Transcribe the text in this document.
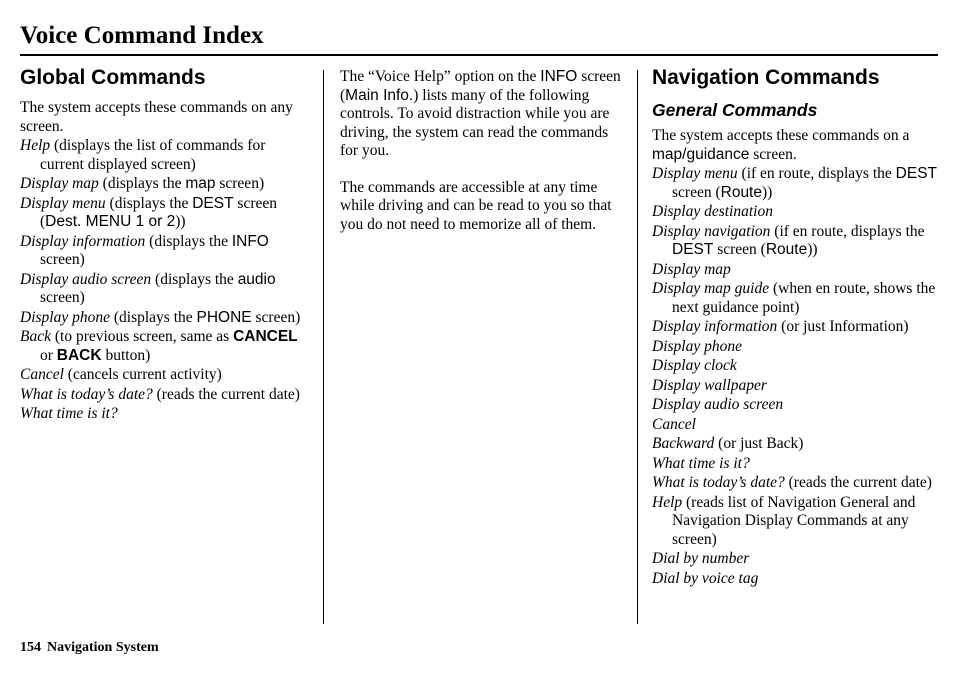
Voice Command Index
Global Commands

The system accepts these commands on any screen.

Help (displays the list of commands for current displayed screen)
Display map (displays the map screen)
Display menu (displays the DEST screen (Dest. MENU 1 or 2))
Display information (displays the INFO screen)
Display audio screen (displays the audio screen)
Display phone (displays the PHONE screen)
Back (to previous screen, same as CANCEL or BACK button)
Cancel (cancels current activity)
What is today’s date? (reads the current date)
What time is it?

The “Voice Help” option on the INFO screen (Main Info.) lists many of the following controls. To avoid distraction while you are driving, the system can read the commands for you.

The commands are accessible at any time while driving and can be read to you so that you do not need to memorize all of them.

Navigation Commands
General Commands

The system accepts these commands on a map/guidance screen.

Display menu (if en route, displays the DEST screen (Route))
Display destination
Display navigation (if en route, displays the DEST screen (Route))
Display map
Display map guide (when en route, shows the next guidance point)
Display information (or just Information)
Display phone
Display clock
Display wallpaper
Display audio screen
Cancel
Backward (or just Back)
What time is it?
What is today’s date? (reads the current date)
Help (reads list of Navigation General and Navigation Display Commands at any screen)
Dial by number
Dial by voice tag
154 Navigation System
